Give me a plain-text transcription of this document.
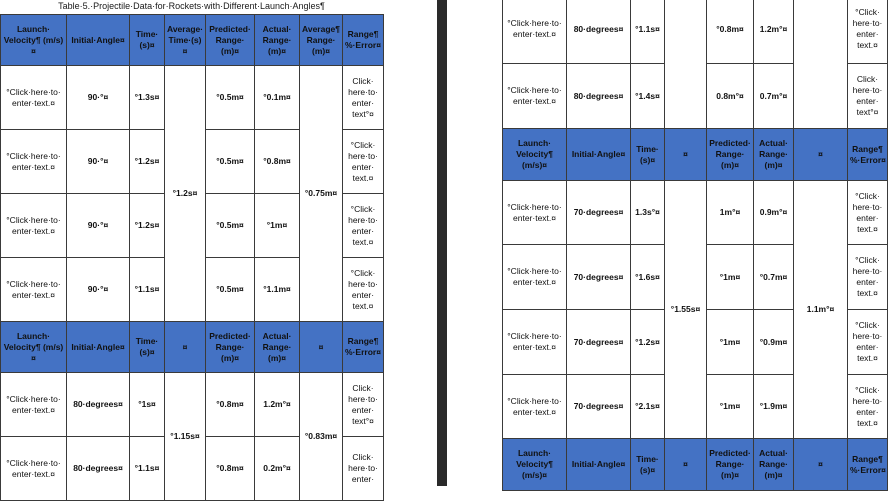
Table·5.·Projectile·Data·for·Rockets·with·Different·Launch·Angles¶
Launch· Velocity¶ (m/s)¤	Initial·Angle¤	Time· (s)¤	Average· Time·(s)¤	Predicted· Range· (m)¤	Actual· Range· (m)¤	Average¶ Range· (m)¤	Range¶ %·Error¤
°Click·here·to· enter·text.¤	90·°¤	°1.3s¤	°1.2s¤	°0.5m¤	°0.1m¤	°0.75m¤	Click· here·to· enter· text°¤
°Click·here·to· enter·text.¤	90·°¤	°1.2s¤		°0.5m¤	°0.8m¤		°Click· here·to· enter· text.¤
°Click·here·to· enter·text.¤	90·°¤	°1.2s¤		°0.5m¤	°1m¤		°Click· here·to· enter· text.¤
°Click·here·to· enter·text.¤	90·°¤	°1.1s¤		°0.5m¤	°1.1m¤		°Click· here·to· enter· text.¤
Launch· Velocity¶ (m/s)¤	Initial·Angle¤	Time· (s)¤	¤	Predicted· Range· (m)¤	Actual· Range· (m)¤	¤	Range¶ %·Error¤
°Click·here·to· enter·text.¤	80·degrees¤	°1s¤	°1.15s¤	°0.8m¤	1.2m°¤	°0.83m¤	Click· here·to· enter· text°¤
°Click·here·to· enter·text.¤	80·degrees¤	°1.1s¤		°0.8m¤	0.2m°¤		Click· here·to· enter·
°Click·here·to· enter·text.¤	80·degrees¤	°1.1s¤		°0.8m¤	1.2m°¤		°Click· here·to· enter· text.¤
°Click·here·to· enter·text.¤	80·degrees¤	°1.4s¤		0.8m°¤	0.7m°¤		Click· here·to· enter· text°¤
Launch· Velocity¶ (m/s)¤	Initial·Angle¤	Time· (s)¤	¤	Predicted· Range· (m)¤	Actual· Range· (m)¤	¤	Range¶ %·Error¤
°Click·here·to· enter·text.¤	70·degrees¤	1.3s°¤	°1.55s¤	1m°¤	0.9m°¤	1.1m°¤	°Click· here·to· enter· text.¤
°Click·here·to· enter·text.¤	70·degrees¤	°1.6s¤		°1m¤	°0.7m¤		°Click· here·to· enter· text.¤
°Click·here·to· enter·text.¤	70·degrees¤	°1.2s¤		°1m¤	°0.9m¤		°Click· here·to· enter· text.¤
°Click·here·to· enter·text.¤	70·degrees¤	°2.1s¤		°1m¤	°1.9m¤		°Click· here·to· enter· text.¤
Launch· Velocity¶ (m/s)¤	Initial·Angle¤	Time· (s)¤	¤	Predicted· Range· (m)¤	Actual· Range· (m)¤	¤	Range¶ %·Error¤
